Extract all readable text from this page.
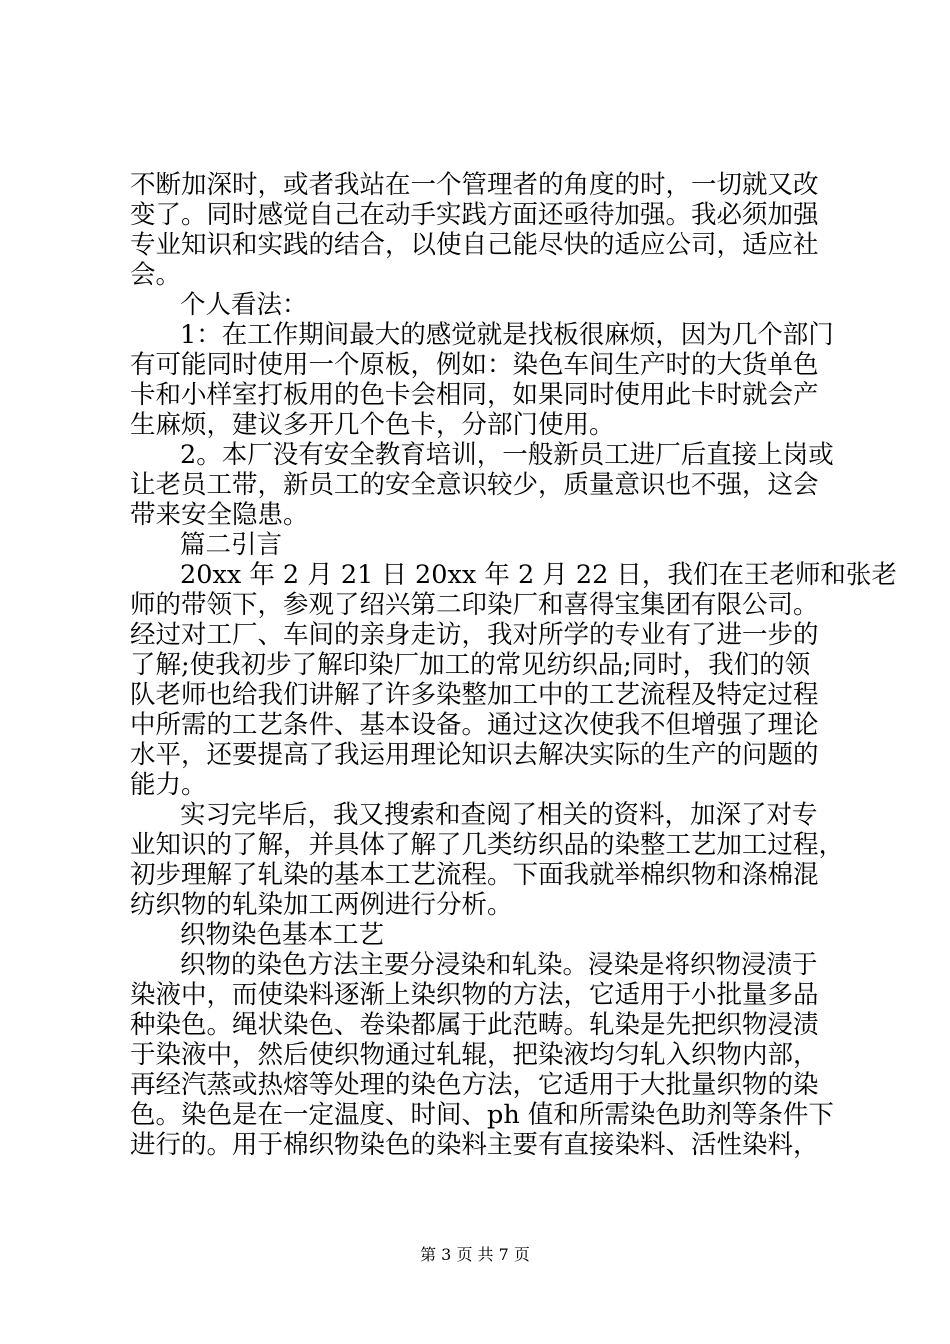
不断加深时，或者我站在一个管理者的角度的时，一切就又改
变了。同时感觉自己在动手实践方面还亟待加强。我必须加强
专业知识和实践的结合，以使自己能尽快的适应公司，适应社
会。
个人看法：
1：在工作期间最大的感觉就是找板很麻烦，因为几个部门
有可能同时使用一个原板，例如：染色车间生产时的大货单色
卡和小样室打板用的色卡会相同，如果同时使用此卡时就会产
生麻烦，建议多开几个色卡，分部门使用。
2。本厂没有安全教育培训，一般新员工进厂后直接上岗或
让老员工带，新员工的安全意识较少，质量意识也不强，这会
带来安全隐患。
篇二引言
20xx 年 2 月 21 日 20xx 年 2 月 22 日，我们在王老师和张老
师的带领下，参观了绍兴第二印染厂和喜得宝集团有限公司。
经过对工厂、车间的亲身走访，我对所学的专业有了进一步的
了解;使我初步了解印染厂加工的常见纺织品;同时，我们的领
队老师也给我们讲解了许多染整加工中的工艺流程及特定过程
中所需的工艺条件、基本设备。通过这次使我不但增强了理论
水平，还要提高了我运用理论知识去解决实际的生产的问题的
能力。
实习完毕后，我又搜索和查阅了相关的资料，加深了对专
业知识的了解，并具体了解了几类纺织品的染整工艺加工过程，
初步理解了轧染的基本工艺流程。下面我就举棉织物和涤棉混
纺织物的轧染加工两例进行分析。
织物染色基本工艺
织物的染色方法主要分浸染和轧染。浸染是将织物浸渍于
染液中，而使染料逐渐上染织物的方法，它适用于小批量多品
种染色。绳状染色、卷染都属于此范畴。轧染是先把织物浸渍
于染液中，然后使织物通过轧辊，把染液均匀轧入织物内部，
再经汽蒸或热熔等处理的染色方法，它适用于大批量织物的染
色。染色是在一定温度、时间、ph 值和所需染色助剂等条件下
进行的。用于棉织物染色的染料主要有直接染料、活性染料，
第 3 页 共 7 页
